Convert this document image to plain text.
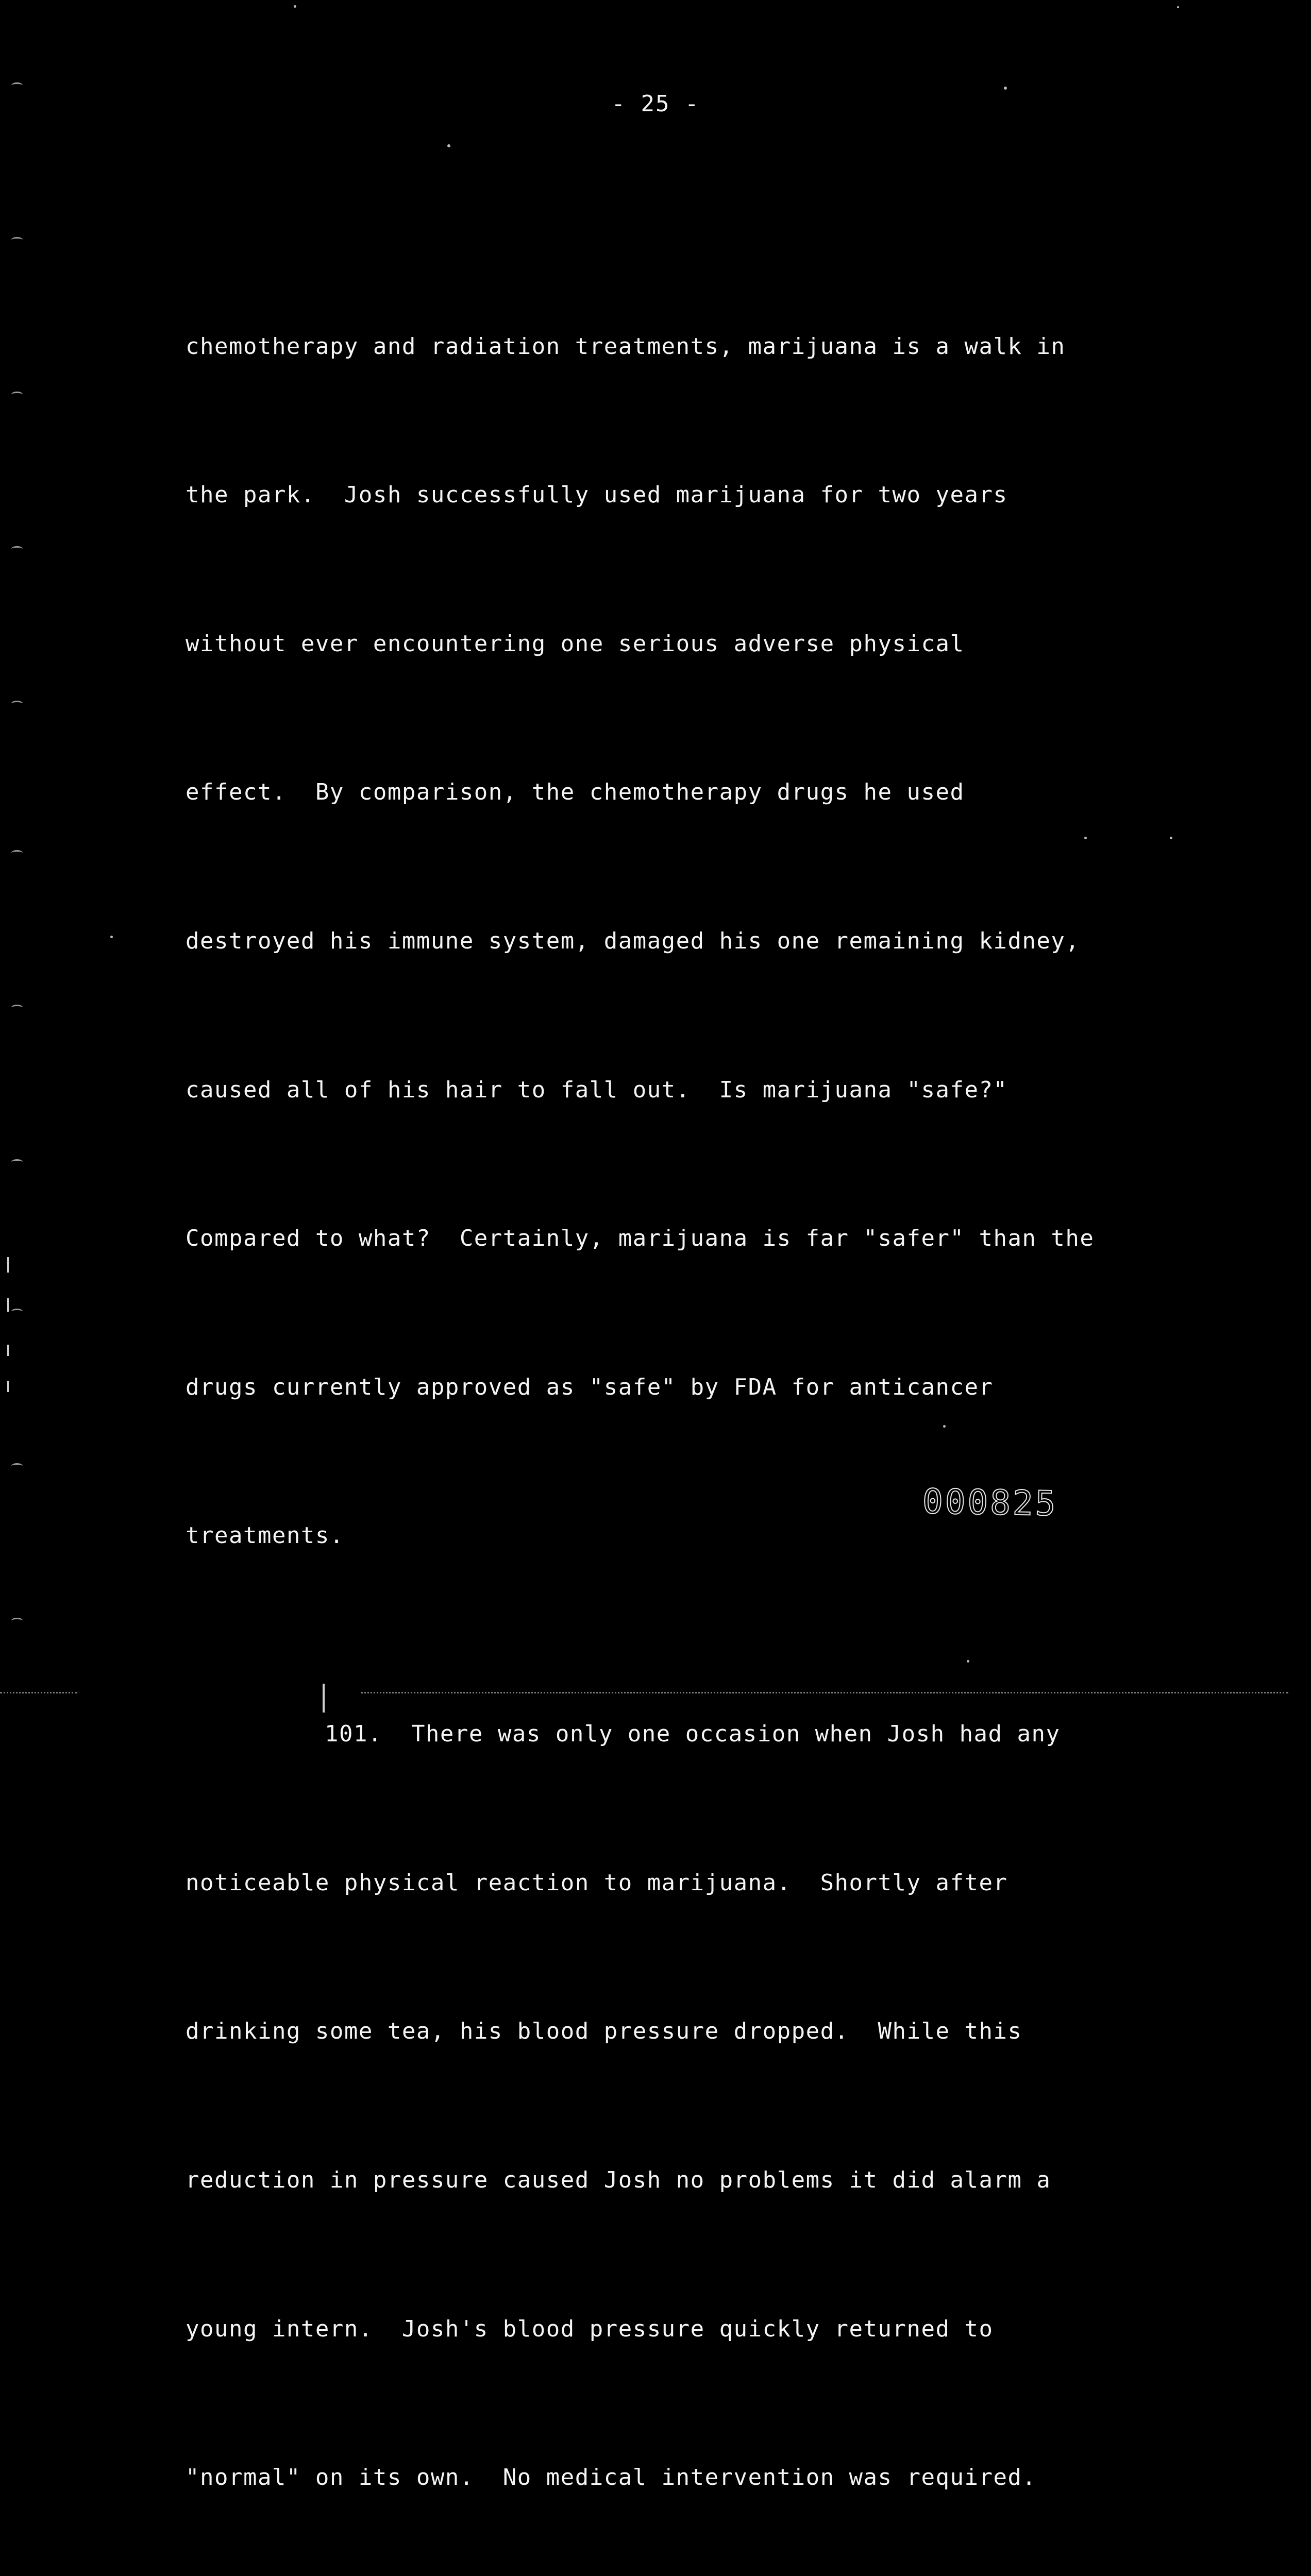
- 25 -

chemotherapy and radiation treatments, marijuana is a walk in

the park.  Josh successfully used marijuana for two years

without ever encountering one serious adverse physical

effect.  By comparison, the chemotherapy drugs he used

destroyed his immune system, damaged his one remaining kidney,

caused all of his hair to fall out.  Is marijuana "safe?"

Compared to what?  Certainly, marijuana is far "safer" than the

drugs currently approved as "safe" by FDA for anticancer

treatments.

101.  There was only one occasion when Josh had any

noticeable physical reaction to marijuana.  Shortly after

drinking some tea, his blood pressure dropped.  While this

reduction in pressure caused Josh no problems it did alarm a

young intern.  Josh's blood pressure quickly returned to

"normal" on its own.  No medical intervention was required.

000825
